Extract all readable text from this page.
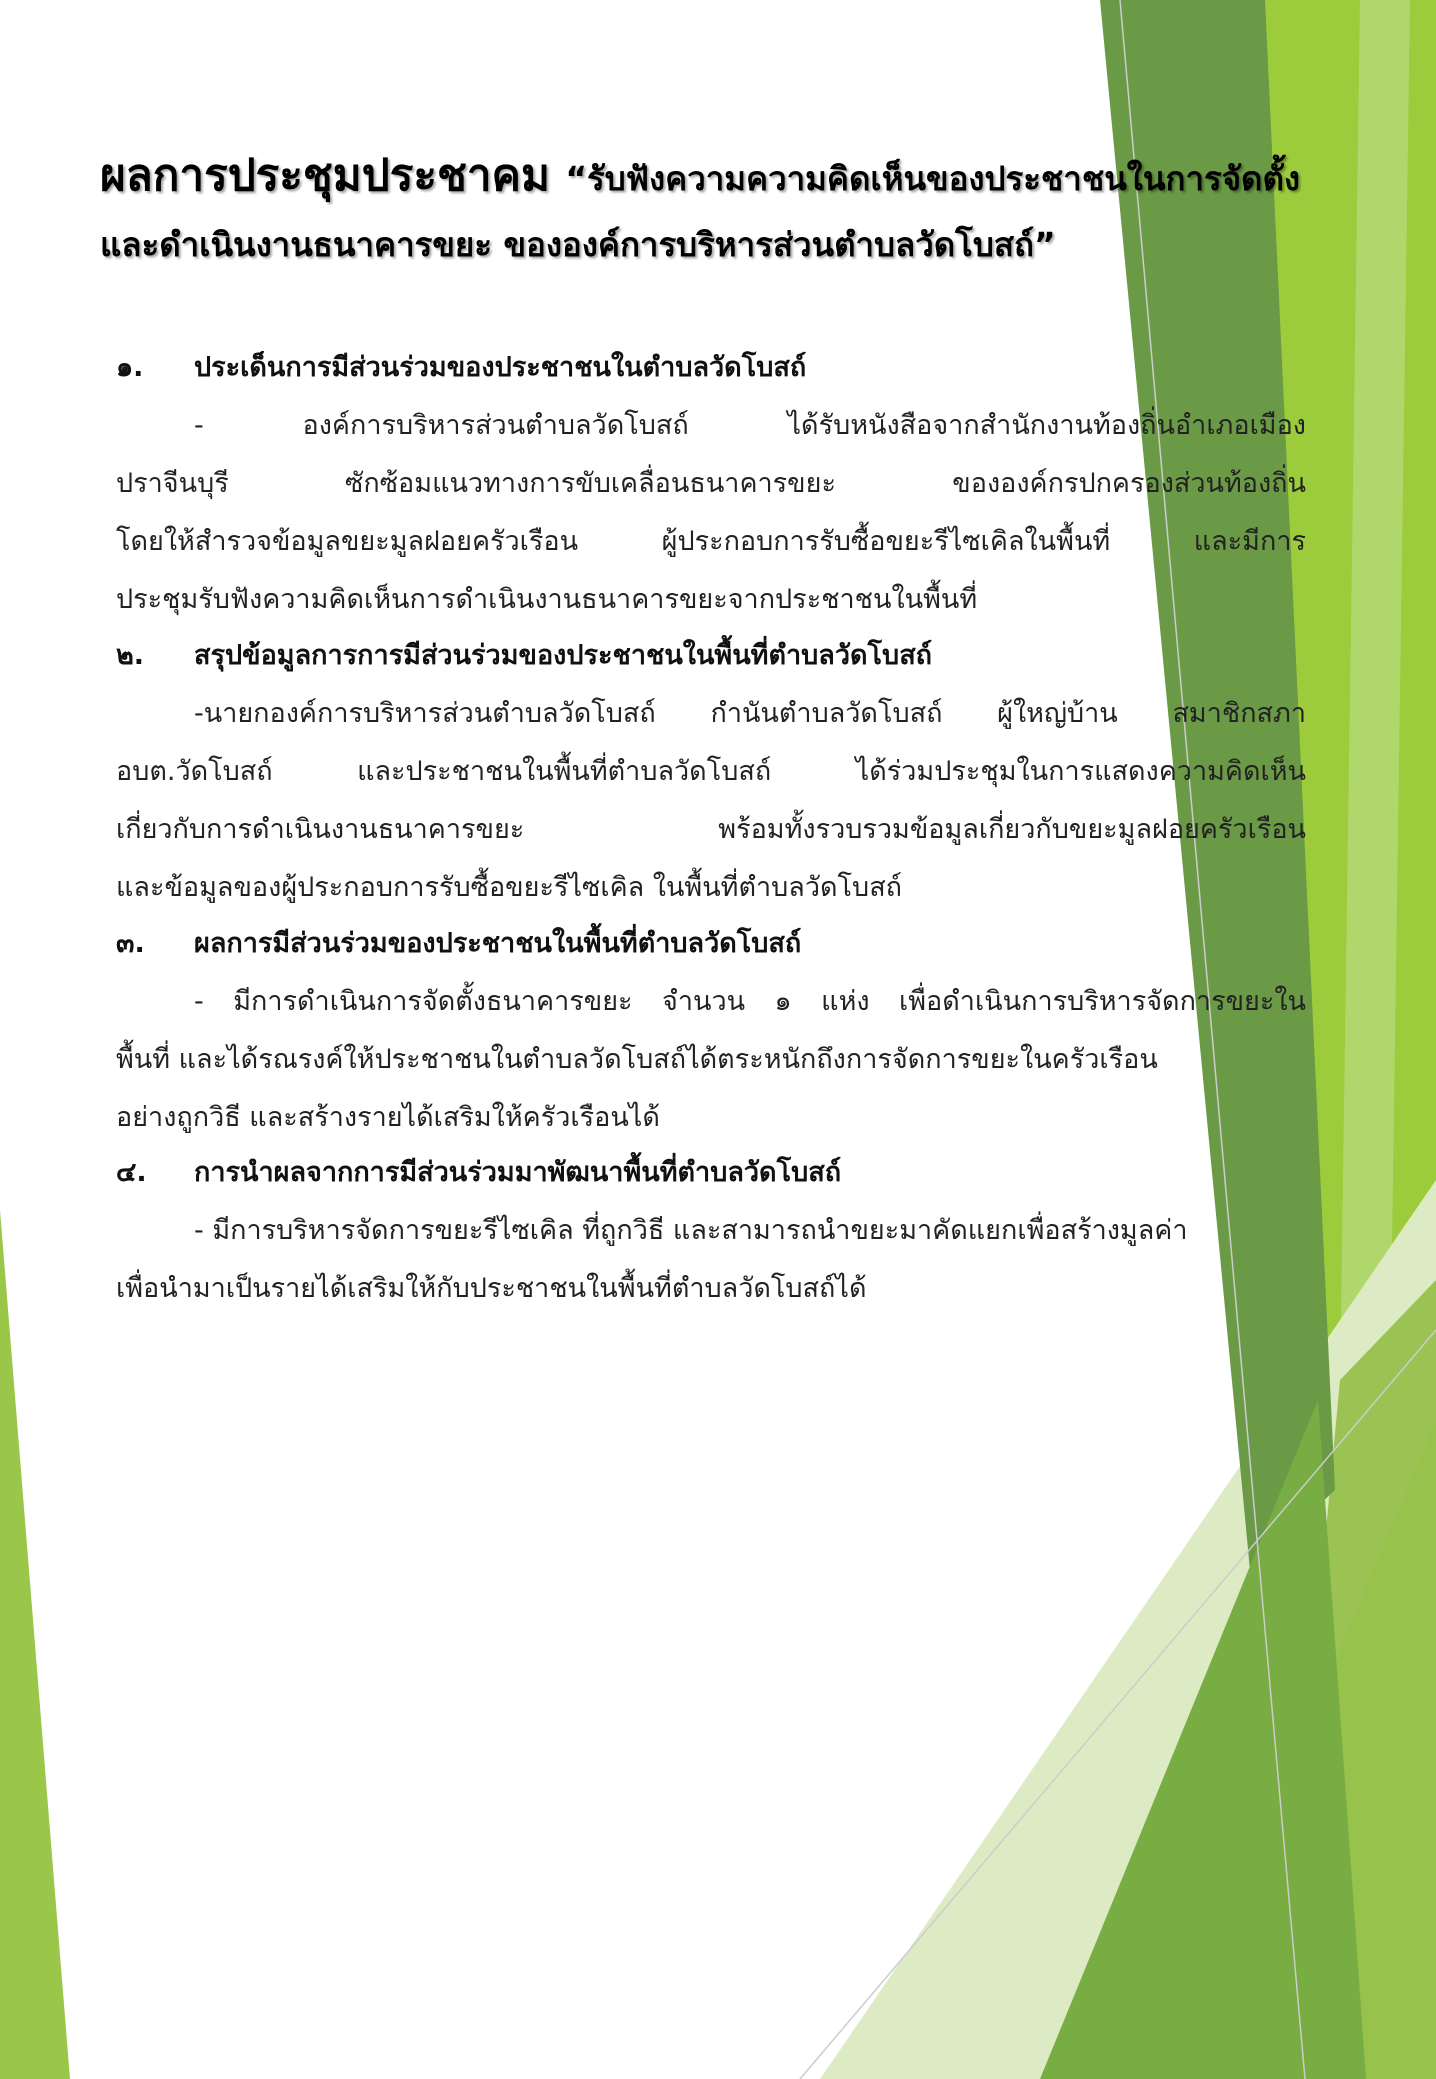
ผลการประชุมประชาคม “รับฟังความความคิดเห็นของประชาชนในการจัดตั้ง
และดำเนินงานธนาคารขยะ ขององค์การบริหารส่วนตำบลวัดโบสถ์”
๑. ประเด็นการมีส่วนร่วมของประชาชนในตำบลวัดโบสถ์
- องค์การบริหารส่วนตำบลวัดโบสถ์ ได้รับหนังสือจากสำนักงานท้องถิ่นอำเภอเมือง
ปราจีนบุรี ซักซ้อมแนวทางการขับเคลื่อนธนาคารขยะ ขององค์กรปกครองส่วนท้องถิ่น
โดยให้สำรวจข้อมูลขยะมูลฝอยครัวเรือน ผู้ประกอบการรับซื้อขยะรีไซเคิลในพื้นที่ และมีการ
ประชุมรับฟังความคิดเห็นการดำเนินงานธนาคารขยะจากประชาชนในพื้นที่
๒. สรุปข้อมูลการการมีส่วนร่วมของประชาชนในพื้นที่ตำบลวัดโบสถ์
-นายกองค์การบริหารส่วนตำบลวัดโบสถ์ กำนันตำบลวัดโบสถ์ ผู้ใหญ่บ้าน สมาชิกสภา
อบต.วัดโบสถ์ และประชาชนในพื้นที่ตำบลวัดโบสถ์ ได้ร่วมประชุมในการแสดงความคิดเห็น
เกี่ยวกับการดำเนินงานธนาคารขยะ พร้อมทั้งรวบรวมข้อมูลเกี่ยวกับขยะมูลฝอยครัวเรือน
และข้อมูลของผู้ประกอบการรับซื้อขยะรีไซเคิล ในพื้นที่ตำบลวัดโบสถ์
๓. ผลการมีส่วนร่วมของประชาชนในพื้นที่ตำบลวัดโบสถ์
- มีการดำเนินการจัดตั้งธนาคารขยะ จำนวน ๑ แห่ง เพื่อดำเนินการบริหารจัดการขยะใน
พื้นที่ และได้รณรงค์ให้ประชาชนในตำบลวัดโบสถ์ได้ตระหนักถึงการจัดการขยะในครัวเรือน
อย่างถูกวิธี และสร้างรายได้เสริมให้ครัวเรือนได้
๔. การนำผลจากการมีส่วนร่วมมาพัฒนาพื้นที่ตำบลวัดโบสถ์
- มีการบริหารจัดการขยะรีไซเคิล ที่ถูกวิธี และสามารถนำขยะมาคัดแยกเพื่อสร้างมูลค่า
เพื่อนำมาเป็นรายได้เสริมให้กับประชาชนในพื้นที่ตำบลวัดโบสถ์ได้
